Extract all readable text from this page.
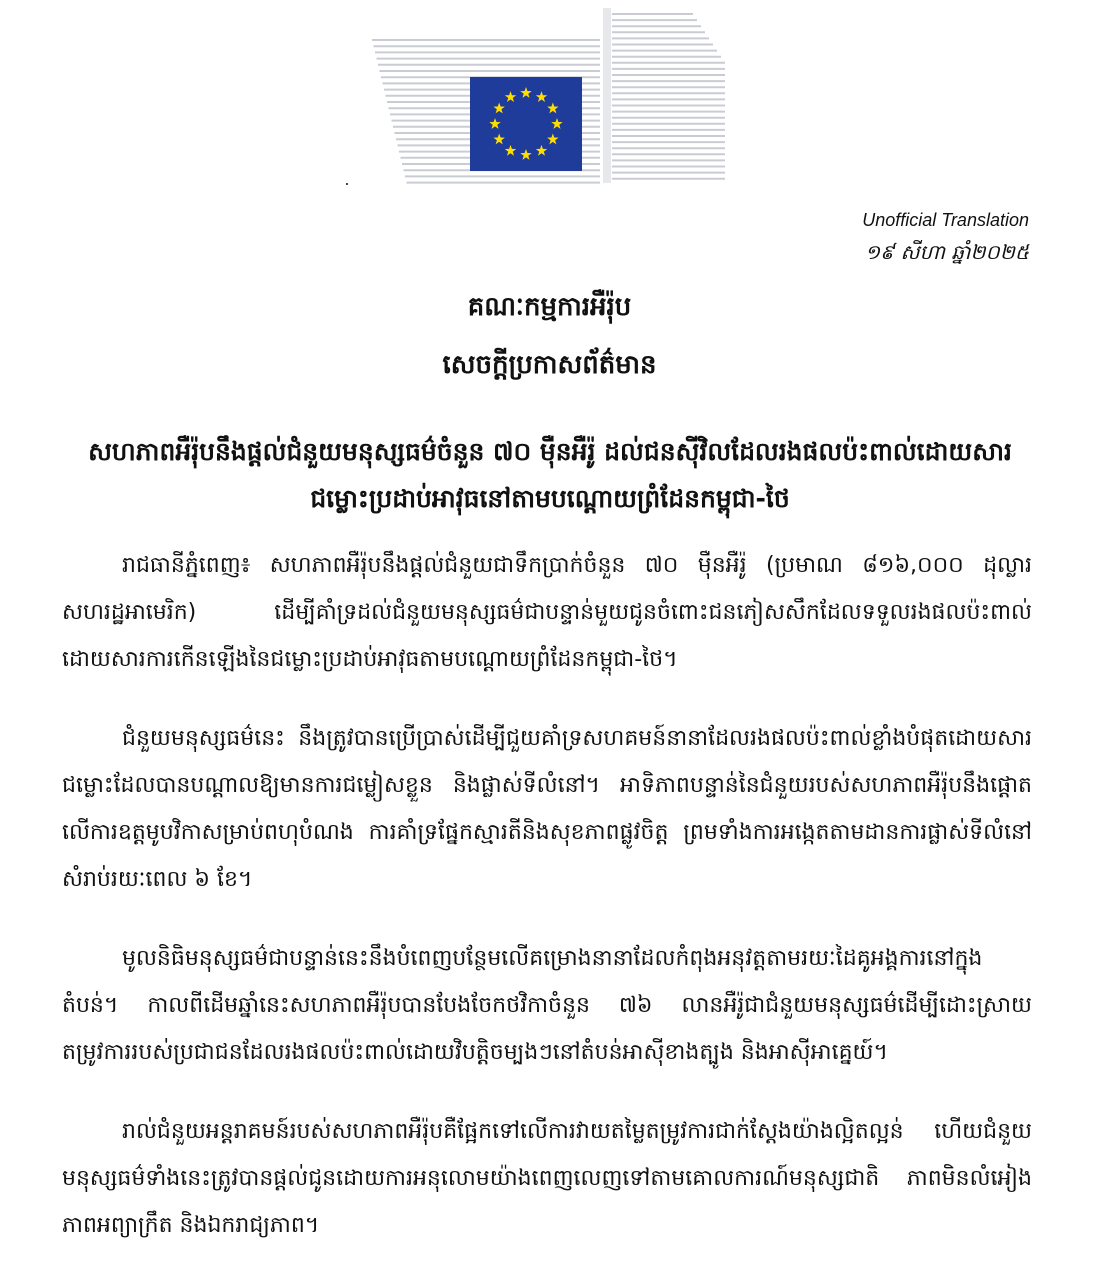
Unofficial Translation
១៩ សីហា ឆ្នាំ២០២៥
គណៈកម្មការអឺរ៉ុប
សេចក្តីប្រកាសព័ត៌មាន
សហភាពអឺរ៉ុបនឹងផ្តល់ជំនួយមនុស្សធម៌ចំនួន ៧០ ម៉ឺនអឺរ៉ូ ដល់ជនស៊ីវិលដែលរងផលប៉ះពាល់ដោយសារជម្លោះប្រដាប់អាវុធនៅតាមបណ្តោយព្រំដែនកម្ពុជា-ថៃ

រាជធានីភ្នំពេញ៖ សហភាពអឺរ៉ុបនឹងផ្តល់ជំនួយជាទឹកប្រាក់ចំនួន ៧០ ម៉ឺនអឺរ៉ូ (ប្រមាណ ៨១៦,០០០ ដុល្លារសហរដ្ឋអាមេរិក) ដើម្បីគាំទ្រដល់ជំនួយមនុស្សធម៌ជាបន្ទាន់មួយជូនចំពោះជនភៀសសឹកដែលទទួលរងផលប៉ះពាល់ដោយសារការកើនឡើងនៃជម្លោះប្រដាប់អាវុធតាមបណ្តោយព្រំដែនកម្ពុជា-ថៃ។

ជំនួយមនុស្សធម៌នេះ នឹងត្រូវបានប្រើប្រាស់ដើម្បីជួយគាំទ្រសហគមន៍នានាដែលរងផលប៉ះពាល់ខ្លាំងបំផុតដោយសារជម្លោះដែលបានបណ្តាលឱ្យមានការជម្លៀសខ្លួន និងផ្លាស់ទីលំនៅ។ អាទិភាពបន្ទាន់នៃជំនួយរបស់សហភាពអឺរ៉ុបនឹងផ្តោតលើការឧត្តមូបវិកាសម្រាប់ពហុបំណង ការគាំទ្រផ្នែកស្មារតីនិងសុខភាពផ្លូវចិត្ត ព្រមទាំងការអង្កេតតាមដានការផ្លាស់ទីលំនៅសំរាប់រយៈពេល ៦ ខែ។

មូលនិធិមនុស្សធម៌ជាបន្ទាន់នេះនឹងបំពេញបន្ថែមលើគម្រោងនានាដែលកំពុងអនុវត្តតាមរយៈដៃគូអង្គការនៅក្នុងតំបន់។ កាលពីដើមឆ្នាំនេះសហភាពអឺរ៉ុបបានបែងចែកថវិកាចំនួន ៧៦ លានអឺរ៉ូជាជំនួយមនុស្សធម៌ដើម្បីដោះស្រាយតម្រូវការរបស់ប្រជាជនដែលរងផលប៉ះពាល់ដោយវិបត្តិចម្បងៗនៅតំបន់អាស៊ីខាងត្បូង និងអាស៊ីអាគ្នេយ៍។

រាល់ជំនួយអន្តរាគមន៍របស់សហភាពអឺរ៉ុបគឺផ្អែកទៅលើការវាយតម្លៃតម្រូវការជាក់ស្តែងយ៉ាងល្អិតល្អន់ ហើយជំនួយមនុស្សធម៌ទាំងនេះត្រូវបានផ្តល់ជូនដោយការអនុលោមយ៉ាងពេញលេញទៅតាមគោលការណ៍មនុស្សជាតិ ភាពមិនលំអៀង ភាពអព្យាក្រឹត និងឯករាជ្យភាព។
